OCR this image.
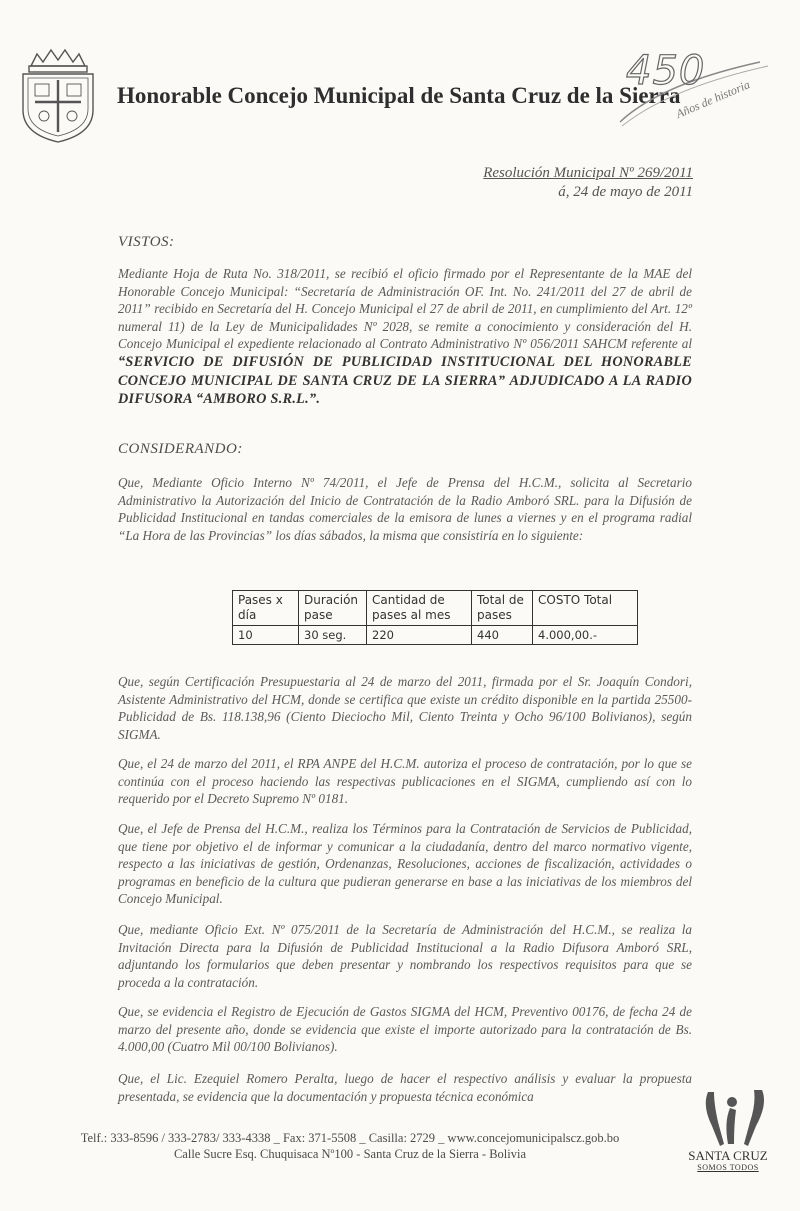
Honorable Concejo Municipal de Santa Cruz de la Sierra
450
Años de historia
Resolución Municipal Nº 269/2011
á, 24 de mayo de 2011
VISTOS:

Mediante Hoja de Ruta No. 318/2011, se recibió el oficio firmado por el Representante de la MAE del Honorable Concejo Municipal: “Secretaría de Administración OF. Int. No. 241/2011 del 27 de abril de 2011” recibido en Secretaría del H. Concejo Municipal el 27 de abril de 2011, en cumplimiento del Art. 12º numeral 11) de la Ley de Municipalidades Nº 2028, se remite a conocimiento y consideración del H. Concejo Municipal el expediente relacionado al Contrato Administrativo Nº 056/2011 SAHCM referente al “SERVICIO DE DIFUSIÓN DE PUBLICIDAD INSTITUCIONAL DEL HONORABLE CONCEJO MUNICIPAL DE SANTA CRUZ DE LA SIERRA” ADJUDICADO A LA RADIO DIFUSORA “AMBORO S.R.L.”.

CONSIDERANDO:

Que, Mediante Oficio Interno Nº 74/2011, el Jefe de Prensa del H.C.M., solicita al Secretario Administrativo la Autorización del Inicio de Contratación de la Radio Amboró SRL. para la Difusión de Publicidad Institucional en tandas comerciales de la emisora de lunes a viernes y en el programa radial “La Hora de las Provincias” los días sábados, la misma que consistiría en lo siguiente:

Pases x día	Duración pase	Cantidad de pases al mes	Total de pases	COSTO Total
10	30 seg.	220	440	4.000,00.-

Que, según Certificación Presupuestaria al 24 de marzo del 2011, firmada por el Sr. Joaquín Condori, Asistente Administrativo del HCM, donde se certifica que existe un crédito disponible en la partida 25500-Publicidad de Bs. 118.138,96 (Ciento Dieciocho Mil, Ciento Treinta y Ocho 96/100 Bolivianos), según SIGMA.

Que, el 24 de marzo del 2011, el RPA ANPE del H.C.M. autoriza el proceso de contratación, por lo que se continúa con el proceso haciendo las respectivas publicaciones en el SIGMA, cumpliendo así con lo requerido por el Decreto Supremo Nº 0181.

Que, el Jefe de Prensa del H.C.M., realiza los Términos para la Contratación de Servicios de Publicidad, que tiene por objetivo el de informar y comunicar a la ciudadanía, dentro del marco normativo vigente, respecto a las iniciativas de gestión, Ordenanzas, Resoluciones, acciones de fiscalización, actividades o programas en beneficio de la cultura que pudieran generarse en base a las iniciativas de los miembros del Concejo Municipal.

Que, mediante Oficio Ext. Nº 075/2011 de la Secretaría de Administración del H.C.M., se realiza la Invitación Directa para la Difusión de Publicidad Institucional a la Radio Difusora Amboró SRL, adjuntando los formularios que deben presentar y nombrando los respectivos requisitos para que se proceda a la contratación.

Que, se evidencia el Registro de Ejecución de Gastos SIGMA del HCM, Preventivo 00176, de fecha 24 de marzo del presente año, donde se evidencia que existe el importe autorizado para la contratación de Bs. 4.000,00 (Cuatro Mil 00/100 Bolivianos).

Que, el Lic. Ezequiel Romero Peralta, luego de hacer el respectivo análisis y evaluar la propuesta presentada, se evidencia que la documentación y propuesta técnica económica

Telf.: 333-8596 / 333-2783/ 333-4338 _ Fax: 371-5508 _ Casilla: 2729 _ www.concejomunicipalscz.gob.bo
Calle Sucre Esq. Chuquisaca Nº100 - Santa Cruz de la Sierra - Bolivia	SANTA CRUZ
SOMOS TODOS
